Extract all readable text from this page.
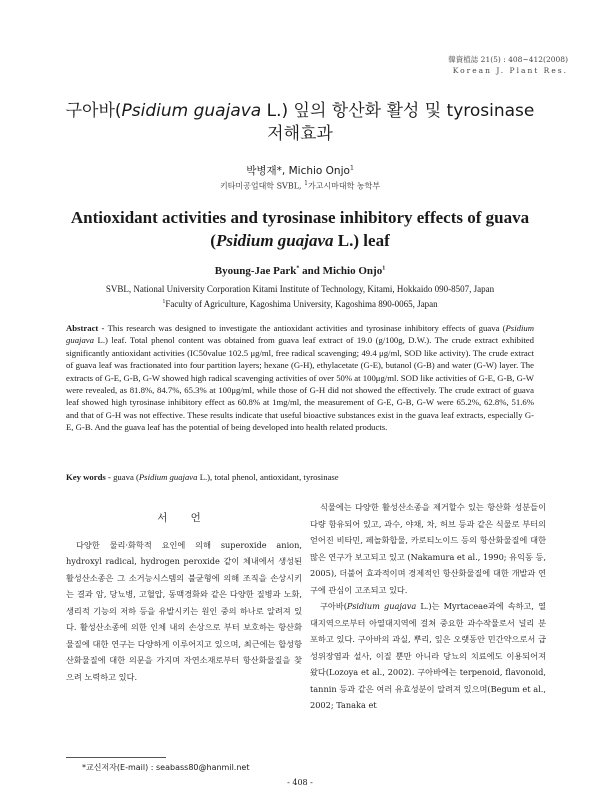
韓資植誌 21(5) : 408~412(2008)
Korean J. Plant Res.
구아바(Psidium guajava L.) 잎의 항산화 활성 및 tyrosinase
저해효과
박병재*, Michio Onjo$^1$
키타미공업대학 SVBL, $^1$가고시마대학 농학부
Antioxidant activities and tyrosinase inhibitory effects of guava
(Psidium guajava L.) leaf
Byoung-Jae Park* and Michio Onjo$^1$
SVBL, National University Corporation Kitami Institute of Technology, Kitami, Hokkaido 090-8507, Japan
$^1$Faculty of Agriculture, Kagoshima University, Kagoshima 890-0065, Japan
Abstract - This research was designed to investigate the antioxidant activities and tyrosinase inhibitory effects of guava (Psidium guajava L.) leaf. Total phenol content was obtained from guava leaf extract of 19.0 (g/100g, D.W.). The crude extract exhibited significantly antioxidant activities (IC50value 102.5 μg/ml, free radical scavenging; 49.4 μg/ml, SOD like activity). The crude extract of guava leaf was fractionated into four partition layers; hexane (G-H), ethylacetate (G-E), butanol (G-B) and water (G-W) layer. The extracts of G-E, G-B, G-W showed high radical scavenging activities of over 50% at 100μg/ml. SOD like activities of G-E, G-B, G-W were revealed, as 81.8%, 84.7%, 65.3% at 100μg/ml, while those of G-H did not showed the effectively. The crude extract of guava leaf showed high tyrosinase inhibitory effect as 60.8% at 1mg/ml, the measurement of G-E, G-B, G-W were 65.2%, 62.8%, 51.6% and that of G-H was not effective. These results indicate that useful bioactive substances exist in the guava leaf extracts, especially G-E, G-B. And the guava leaf has the potential of being developed into health related products.
Key words - guava (Psidium guajava L.), total phenol, antioxidant, tyrosinase
서 언

다양한 물리·화학적 요인에 의해 superoxide anion, hydroxyl radical, hydrogen peroxide 같이 체내에서 생성된 활성산소종은 그 소거능시스템의 불균형에 의해 조직을 손상시키는 결과 암, 당뇨병, 고혈압, 동맥경화와 같은 다양한 질병과 노화, 생리적 기능의 저하 등을 유발시키는 원인 중의 하나로 알려져 있다. 활성산소종에 의한 인체 내의 손상으로 부터 보호하는 항산화물질에 대한 연구는 다양하게 이루어지고 있으며, 최근에는 합성항산화물질에 대한 의문을 가지며 자연소재로부터 항산화물질을 찾으려 노력하고 있다.

식물에는 다양한 활성산소종을 제거할수 있는 항산화 성분들이 다량 함유되어 있고, 과수, 야채, 차, 허브 등과 같은 식물로 부터의 얻어진 비타민, 페놀화합물, 카로티노이드 등의 항산화물질에 대한 많은 연구가 보고되고 있고 (Nakamura et al., 1990; 유익동 등, 2005), 더불어 효과적이며 경제적인 항산화물질에 대한 개발과 연구에 관심이 고조되고 있다.

구아바(Psidium guajava L.)는 Myrtaceae과에 속하고, 열대지역으로부터 아열대지역에 걸쳐 중요한 과수작물로서 널리 분포하고 있다. 구아바의 과실, 뿌리, 잎은 오랫동안 민간약으로서 급성위장염과 설사, 이질 뿐만 아니라 당뇨의 치료에도 이용되어져 왔다(Lozoya et al., 2002). 구아바에는 terpenoid, flavonoid, tannin 등과 같은 여러 유효성분이 알려져 있으며(Begum et al., 2002; Tanaka et

*교신저자(E-mail) : seabass80@hanmil.net
- 408 -
